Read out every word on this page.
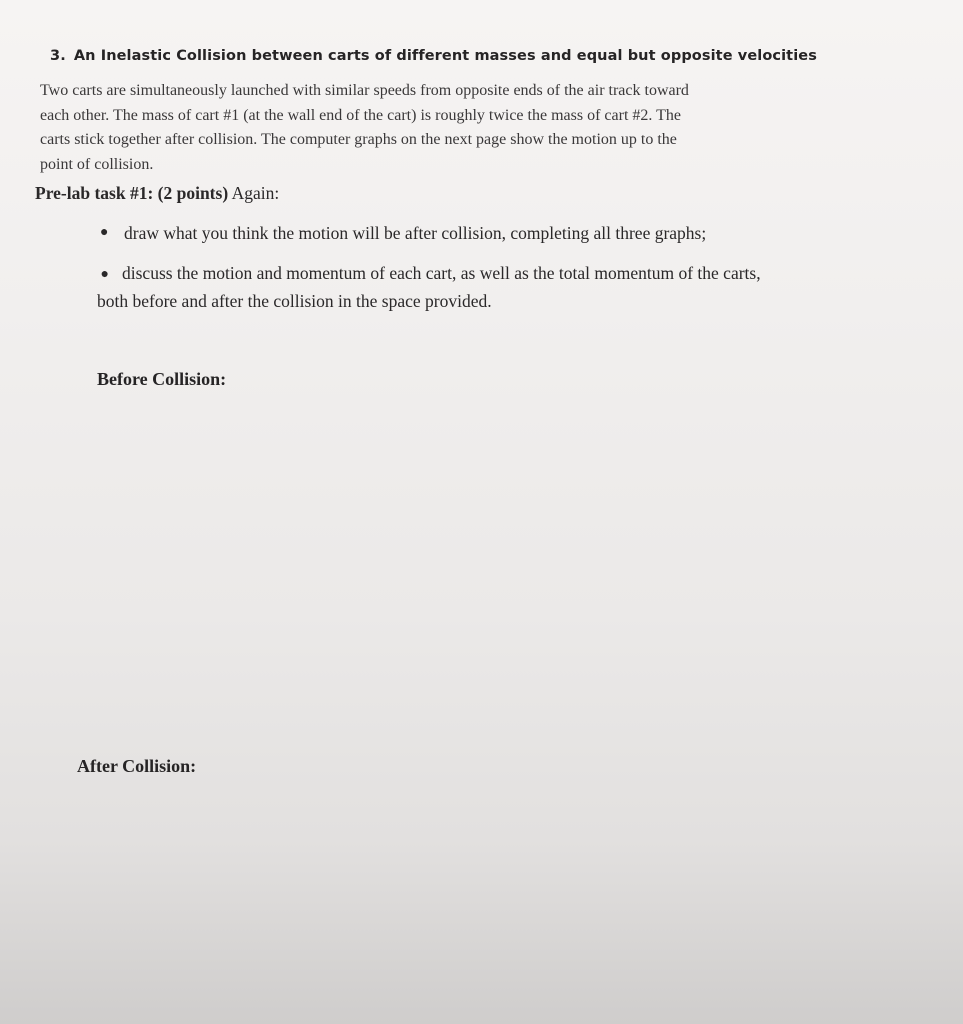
3. An Inelastic Collision between carts of different masses and equal but opposite velocities
Two carts are simultaneously launched with similar speeds from opposite ends of the air track toward
each other. The mass of cart #1 (at the wall end of the cart) is roughly twice the mass of cart #2. The
carts stick together after collision. The computer graphs on the next page show the motion up to the
point of collision.
Pre-lab task #1: (2 points) Again:
● draw what you think the motion will be after collision, completing all three graphs;
● discuss the motion and momentum of each cart, as well as the total momentum of the carts,
both before and after the collision in the space provided.
Before Collision:
After Collision:
